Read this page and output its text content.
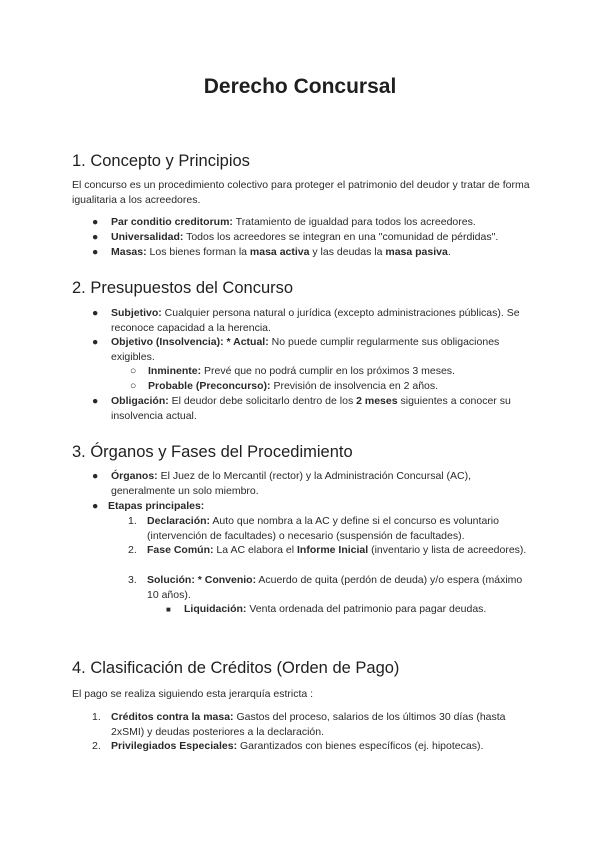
Derecho Concursal
1. Concepto y Principios

El concurso es un procedimiento colectivo para proteger el patrimonio del deudor y tratar de forma igualitaria a los acreedores.

● Par conditio creditorum: Tratamiento de igualdad para todos los acreedores.

● Universalidad: Todos los acreedores se integran en una "comunidad de pérdidas".

● Masas: Los bienes forman la masa activa y las deudas la masa pasiva.

2. Presupuestos del Concurso
● Subjetivo: Cualquier persona natural o jurídica (excepto administraciones públicas). Se reconoce capacidad a la herencia.

● Objetivo (Insolvencia): * Actual: No puede cumplir regularmente sus obligaciones exigibles.

○ Inminente: Prevé que no podrá cumplir en los próximos 3 meses.

○ Probable (Preconcurso): Previsión de insolvencia en 2 años.

● Obligación: El deudor debe solicitarlo dentro de los 2 meses siguientes a conocer su insolvencia actual.

3. Órganos y Fases del Procedimiento
● Órganos: El Juez de lo Mercantil (rector) y la Administración Concursal (AC), generalmente un solo miembro.

● Etapas principales:

1. Declaración: Auto que nombra a la AC y define si el concurso es voluntario (intervención de facultades) o necesario (suspensión de facultades).

2. Fase Común: La AC elabora el Informe Inicial (inventario y lista de acreedores).

3. Solución: * Convenio: Acuerdo de quita (perdón de deuda) y/o espera (máximo 10 años).

■ Liquidación: Venta ordenada del patrimonio para pagar deudas.

4. Clasificación de Créditos (Orden de Pago)

El pago se realiza siguiendo esta jerarquía estricta :

1. Créditos contra la masa: Gastos del proceso, salarios de los últimos 30 días (hasta 2xSMI) y deudas posteriores a la declaración.

2. Privilegiados Especiales: Garantizados con bienes específicos (ej. hipotecas).
